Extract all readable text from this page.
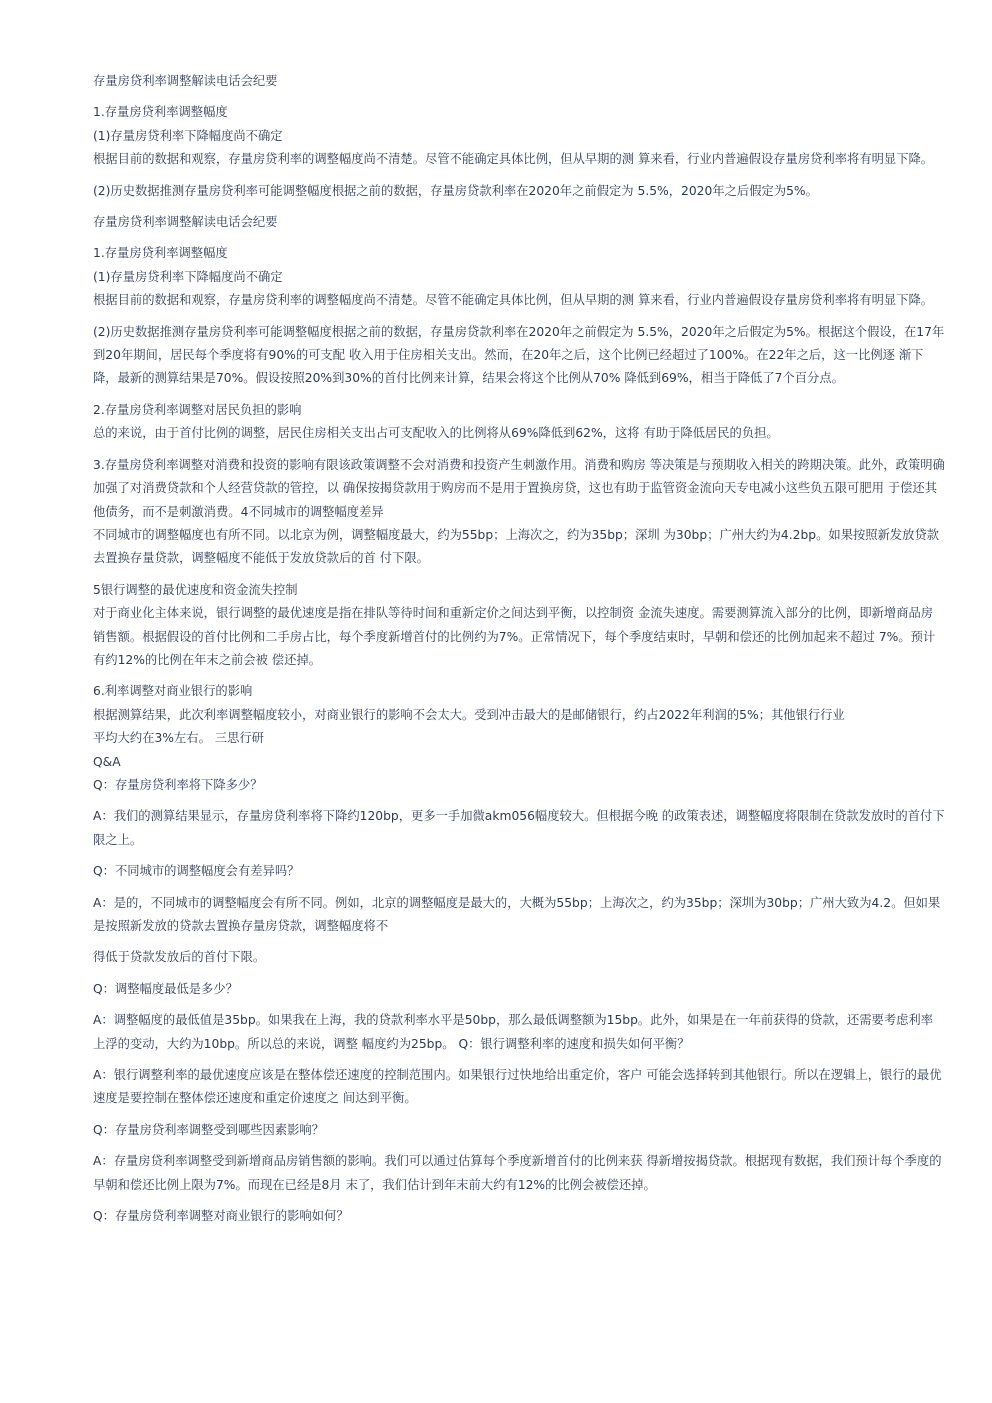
存量房贷利率调整解读电话会纪要

1.存量房贷利率调整幅度
(1)存量房贷利率下降幅度尚不确定
根据目前的数据和观察，存量房贷利率的调整幅度尚不清楚。尽管不能确定具体比例，但从早期的测 算来看，行业内普遍假设存量房贷利率将有明显下降。

(2)历史数据推测存量房贷利率可能调整幅度根据之前的数据，存量房贷款利率在2020年之前假定为 5.5%，2020年之后假定为5%。

存量房贷利率调整解读电话会纪要

1.存量房贷利率调整幅度
(1)存量房贷利率下降幅度尚不确定
根据目前的数据和观察，存量房贷利率的调整幅度尚不清楚。尽管不能确定具体比例，但从早期的测 算来看，行业内普遍假设存量房贷利率将有明显下降。

(2)历史数据推测存量房贷利率可能调整幅度根据之前的数据，存量房贷款利率在2020年之前假定为 5.5%，2020年之后假定为5%。根据这个假设，在17年到20年期间，居民每个季度将有90%的可支配 收入用于住房相关支出。然而，在20年之后，这个比例已经超过了100%。在22年之后，这一比例逐 渐下降，最新的测算结果是70%。假设按照20%到30%的首付比例来计算，结果会将这个比例从70% 降低到69%，相当于降低了7个百分点。

2.存量房贷利率调整对居民负担的影响
总的来说，由于首付比例的调整，居民住房相关支出占可支配收入的比例将从69%降低到62%，这将 有助于降低居民的负担。

3.存量房贷利率调整对消费和投资的影响有限该政策调整不会对消费和投资产生刺激作用。消费和购房 等决策是与预期收入相关的跨期决策。此外，政策明确加强了对消费贷款和个人经营贷款的管控，以 确保按揭贷款用于购房而不是用于置换房贷，这也有助于监管资金流向天专电减小这些负五限可肥用 于偿还其他债务，而不是刺激消费。4不同城市的调整幅度差异
不同城市的调整幅度也有所不同。以北京为例，调整幅度最大，约为55bp；上海次之，约为35bp；深圳 为30bp；广州大约为4.2bp。如果按照新发放贷款去置换存量贷款，调整幅度不能低于发放贷款后的首 付下限。

5银行调整的最优速度和资金流失控制
对于商业化主体来说，银行调整的最优速度是指在排队等待时间和重新定价之间达到平衡，以控制资 金流失速度。需要测算流入部分的比例，即新增商品房销售额。根据假设的首付比例和二手房占比，每个季度新增首付的比例约为7%。正常情况下，每个季度结束时，早朝和偿还的比例加起来不超过 7%。预计有约12%的比例在年末之前会被 偿还掉。

6.利率调整对商业银行的影响
根据测算结果，此次利率调整幅度较小，对商业银行的影响不会太大。受到冲击最大的是邮储银行，约占2022年利润的5%；其他银行行业
平均大约在3%左右。 三思行研
Q&A
Q：存量房贷利率将下降多少？

A：我们的测算结果显示，存量房贷利率将下降约120bp，更多一手加微akm056幅度较大。但根据今晚 的政策表述，调整幅度将限制在贷款发放时的首付下限之上。

Q：不同城市的调整幅度会有差异吗？

A：是的，不同城市的调整幅度会有所不同。例如，北京的调整幅度是最大的，大概为55bp；上海次之，约为35bp；深圳为30bp；广州大致为4.2。但如果是按照新发放的贷款去置换存量房贷款，调整幅度将不

得低于贷款发放后的首付下限。

Q：调整幅度最低是多少？

A：调整幅度的最低值是35bp。如果我在上海，我的贷款利率水平是50bp，那么最低调整额为15bp。此外，如果是在一年前获得的贷款，还需要考虑利率上浮的变动，大约为10bp。所以总的来说，调整 幅度约为25bp。 Q：银行调整利率的速度和损失如何平衡？

A：银行调整利率的最优速度应该是在整体偿还速度的控制范围内。如果银行过快地给出重定价，客户 可能会选择转到其他银行。所以在逻辑上，银行的最优速度是要控制在整体偿还速度和重定价速度之 间达到平衡。

Q：存量房贷利率调整受到哪些因素影响？

A：存量房贷利率调整受到新增商品房销售额的影响。我们可以通过估算每个季度新增首付的比例来获 得新增按揭贷款。根据现有数据，我们预计每个季度的早朝和偿还比例上限为7%。而现在已经是8月 末了，我们估计到年末前大约有12%的比例会被偿还掉。

Q：存量房贷利率调整对商业银行的影响如何？
